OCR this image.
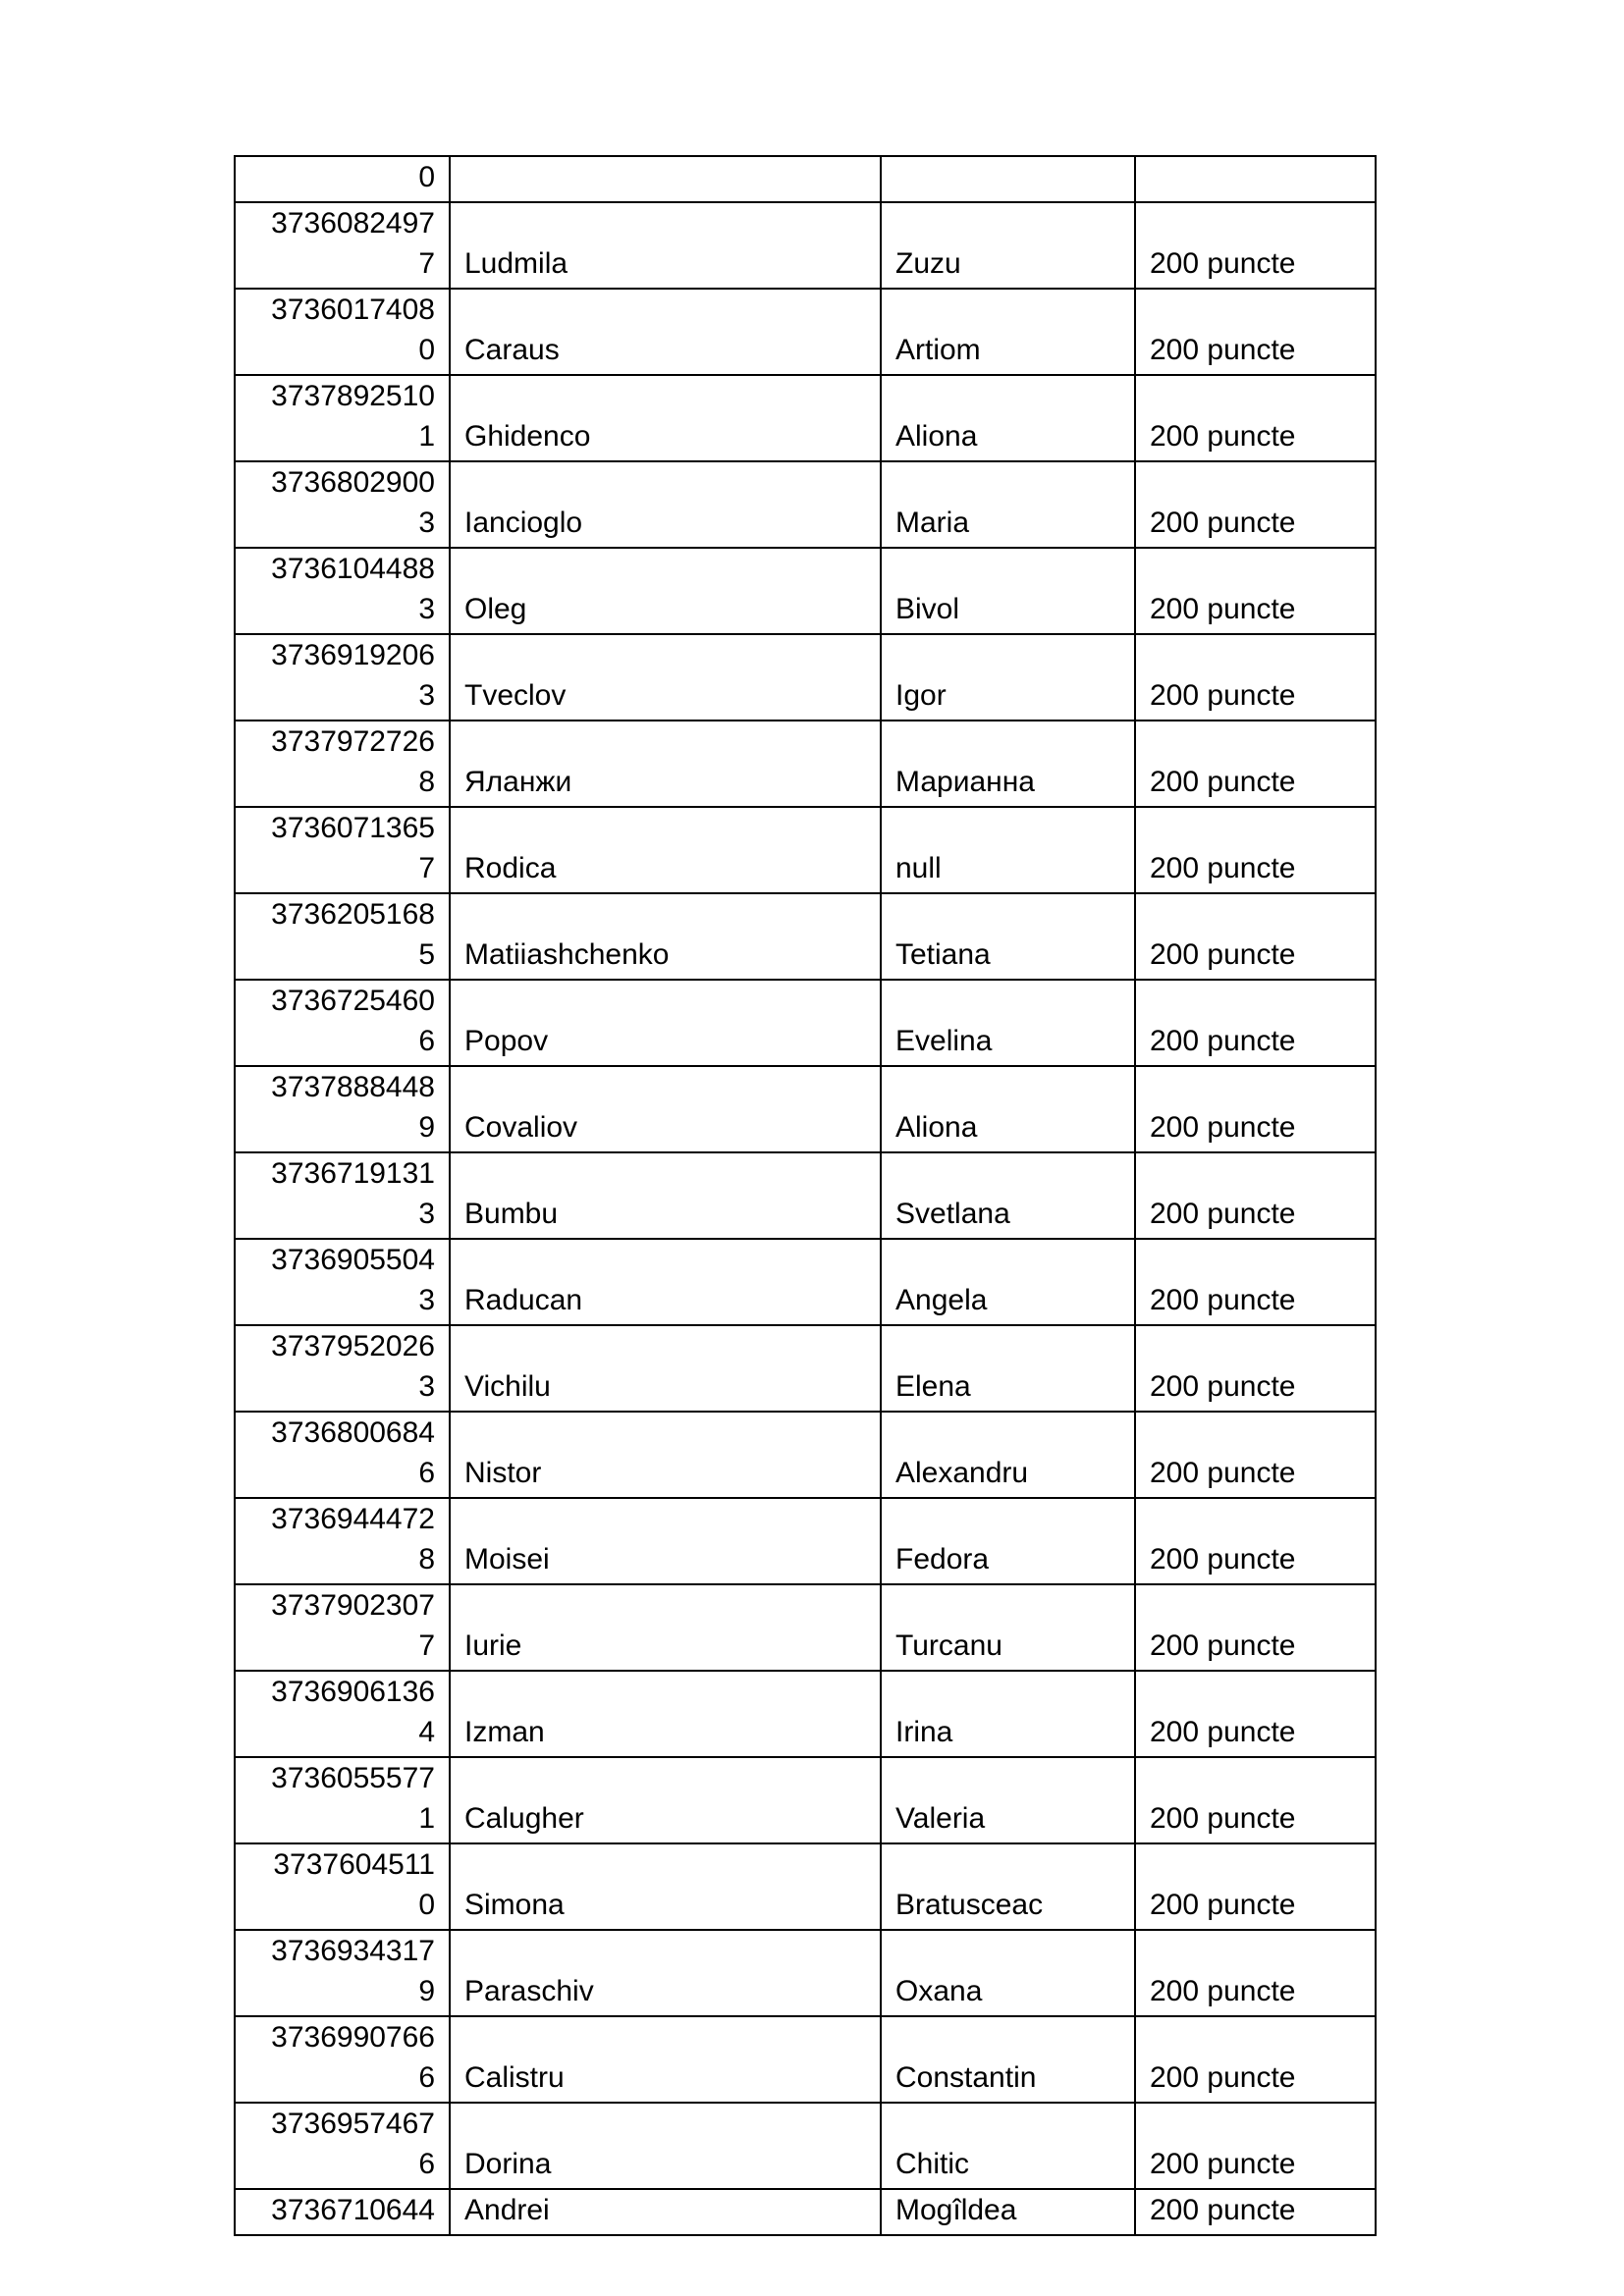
0			

3736082497
7	Ludmila	Zuzu	200 puncte

3736017408
0	Caraus	Artiom	200 puncte

3737892510
1	Ghidenco	Aliona	200 puncte

3736802900
3	Iancioglo	Maria	200 puncte

3736104488
3	Oleg	Bivol	200 puncte

3736919206
3	Tveclov	Igor	200 puncte

3737972726
8	Яланжи	Марианна	200 puncte

3736071365
7	Rodica	null	200 puncte

3736205168
5	Matiiashchenko	Tetiana	200 puncte

3736725460
6	Popov	Evelina	200 puncte

3737888448
9	Covaliov	Aliona	200 puncte

3736719131
3	Bumbu	Svetlana	200 puncte

3736905504
3	Raducan	Angela	200 puncte

3737952026
3	Vichilu	Elena	200 puncte

3736800684
6	Nistor	Alexandru	200 puncte

3736944472
8	Moisei	Fedora	200 puncte

3737902307
7	Iurie	Turcanu	200 puncte

3736906136
4	Izman	Irina	200 puncte

3736055577
1	Calugher	Valeria	200 puncte

3737604511
0	Simona	Bratusceac	200 puncte

3736934317
9	Paraschiv	Oxana	200 puncte

3736990766
6	Calistru	Constantin	200 puncte

3736957467
6	Dorina	Chitic	200 puncte

3736710644	Andrei	Mogîldea	200 puncte
